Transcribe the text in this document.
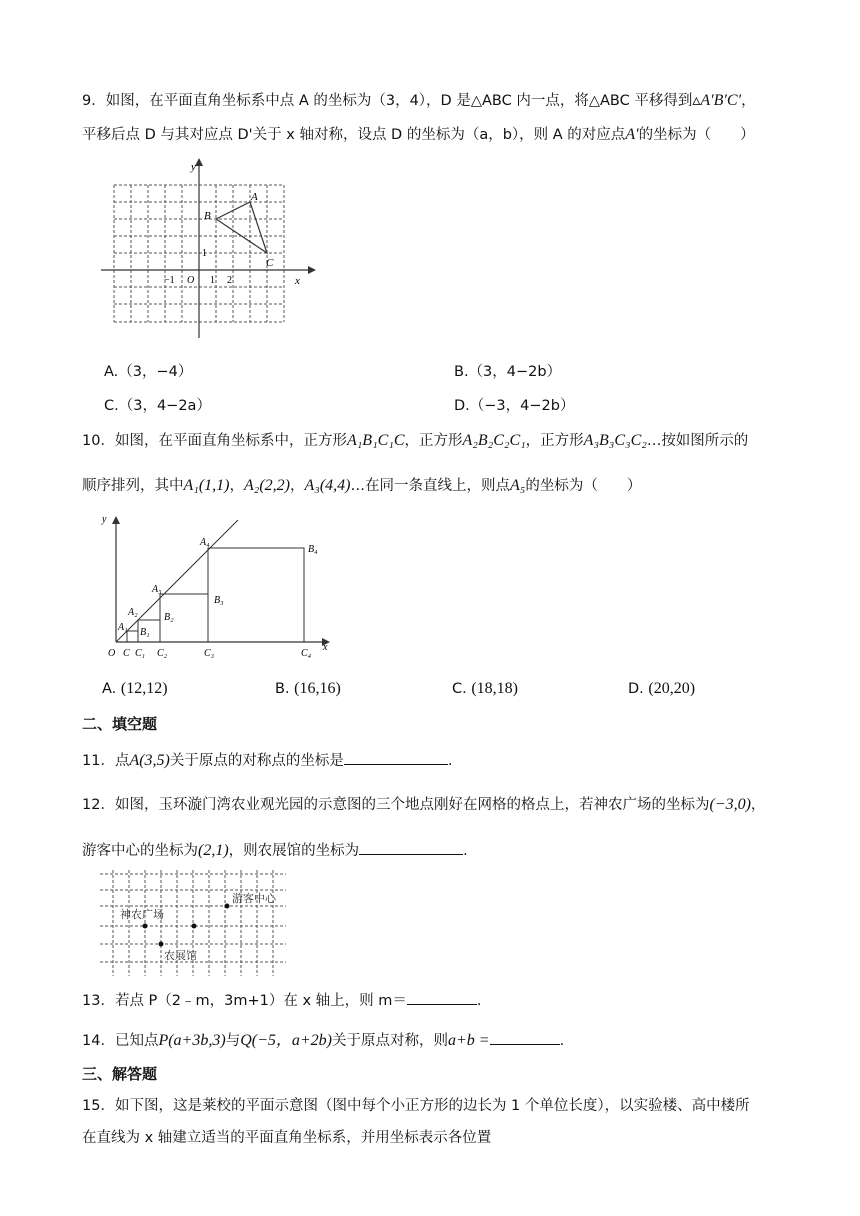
9．如图，在平面直角坐标系中点 A 的坐标为（3，4），D 是△ABC 内一点，将△ABC 平移得到▵A′B′C′，
平移后点 D 与其对应点 D'关于 x 轴对称，设点 D 的坐标为（a，b），则 A 的对应点A′的坐标为（　　）
y
x
−1 O 1 2
1
A
B
C
A.（3，−4）	B.（3，4−2b）
C.（3，4−2a）	D.（−3，4−2b）
10．如图，在平面直角坐标系中，正方形A₁B₁C₁C，正方形A₂B₂C₂C₁，正方形A₃B₃C₃C₂…按如图所示的
顺序排列，其中A₁(1,1)，A₂(2,2)，A₃(4,4)…在同一条直线上，则点A₅的坐标为（　　）
y
x
O C C₁ C₂	C₃	C₄
A₁
A₂
A₃
A₄
B₁
B₂
B₃
B₄
A. (12,12)	B. (16,16)	C. (18,18)	D. (20,20)
二、填空题
11．点A(3,5)关于原点的对称点的坐标是	.
12．如图，玉环漩门湾农业观光园的示意图的三个地点刚好在网格的格点上，若神农广场的坐标为(−3,0)，
游客中心的坐标为(2,1)，则农展馆的坐标为	.
游客中心
神农广场
农展馆
13．若点 P（2﹣m，3m+1）在 x 轴上，则 m＝	.
14．已知点P(a+3b,3)与Q(−5，a+2b)关于原点对称，则a+b =	.
三、解答题
15．如下图，这是莱校的平面示意图（图中每个小正方形的边长为 1 个单位长度），以实验楼、高中楼所
在直线为 x 轴建立适当的平面直角坐标系，并用坐标表示各位置
